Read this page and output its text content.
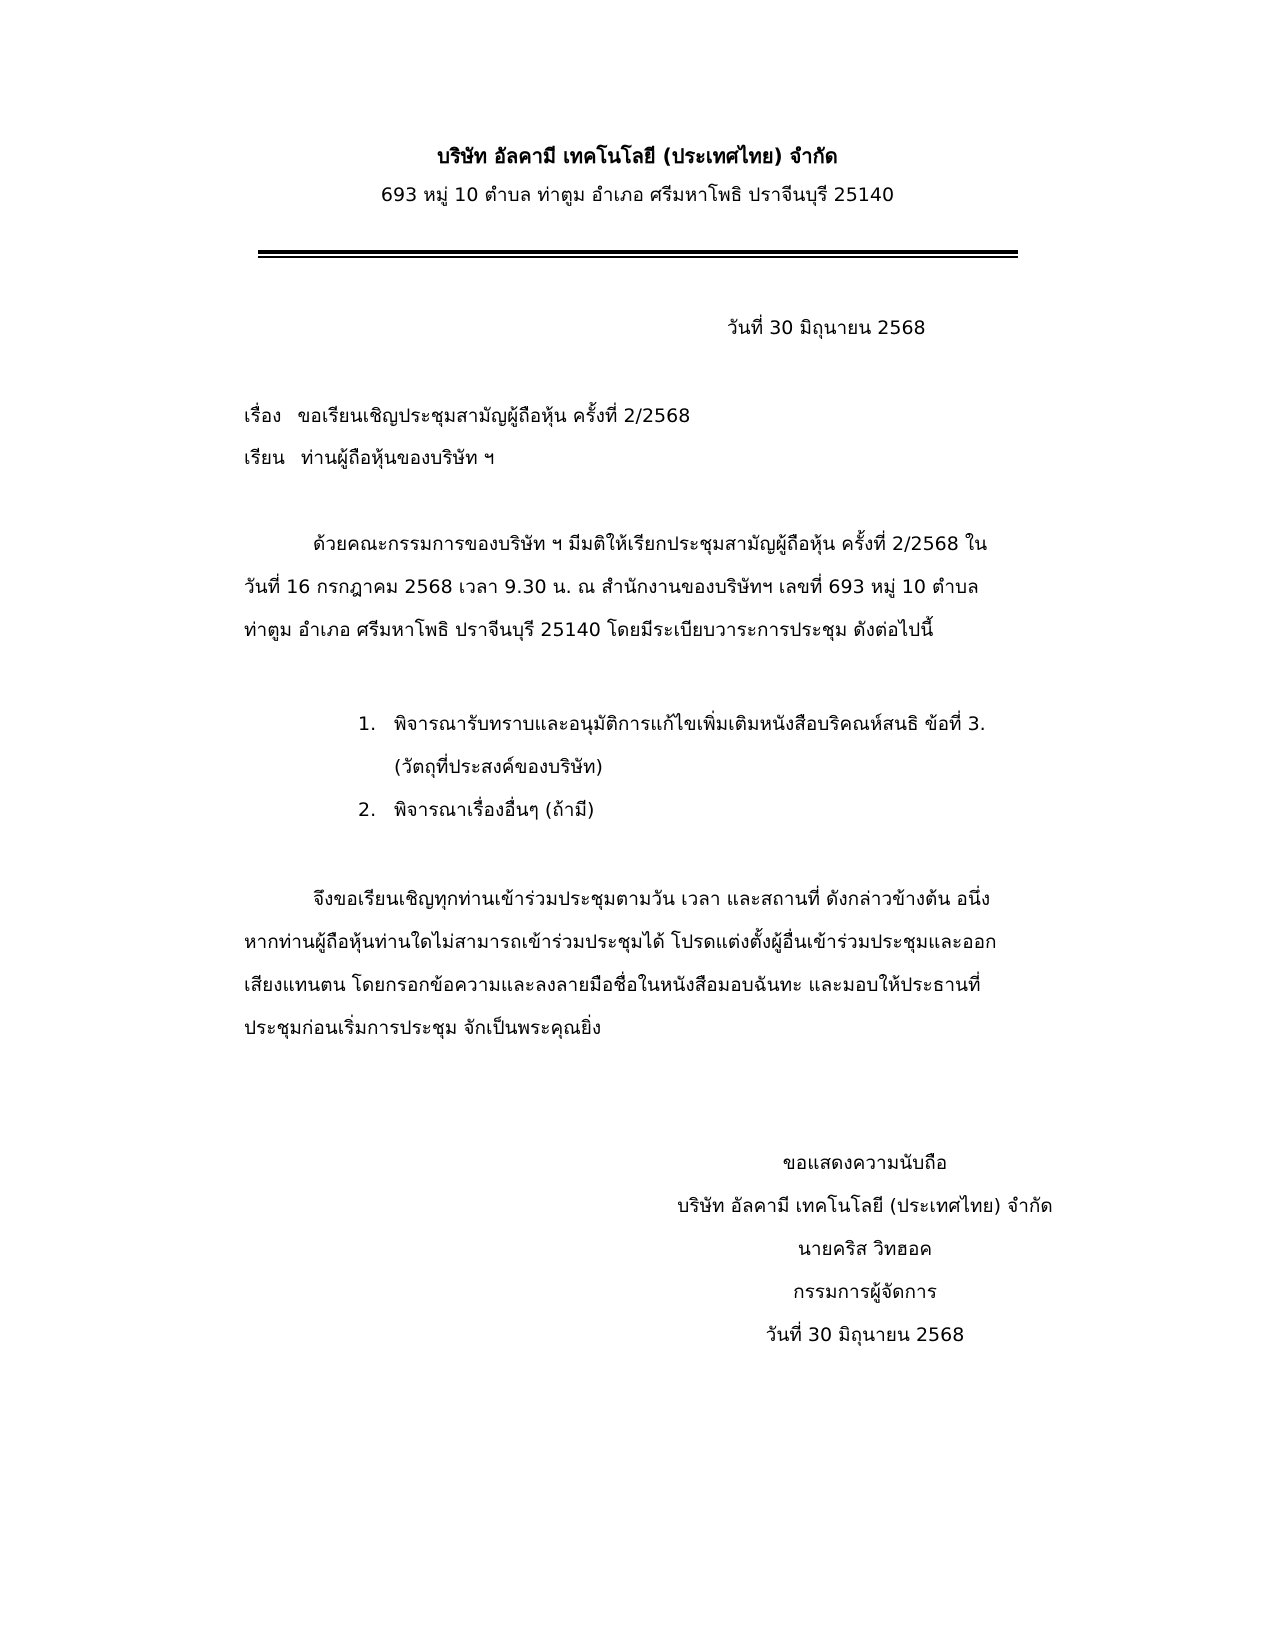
บริษัท อัลคามี เทคโนโลยี (ประเทศไทย) จำกัด
693 หมู่ 10 ตำบล ท่าตูม อำเภอ ศรีมหาโพธิ ปราจีนบุรี 25140
วันที่ 30 มิถุนายน 2568
เรื่อง ขอเรียนเชิญประชุมสามัญผู้ถือหุ้น ครั้งที่ 2/2568
เรียน ท่านผู้ถือหุ้นของบริษัท ฯ
ด้วยคณะกรรมการของบริษัท ฯ มีมติให้เรียกประชุมสามัญผู้ถือหุ้น ครั้งที่ 2/2568 ใน
วันที่ 16 กรกฎาคม 2568 เวลา 9.30 น. ณ สำนักงานของบริษัทฯ เลขที่ 693 หมู่ 10 ตำบล
ท่าตูม อำเภอ ศรีมหาโพธิ ปราจีนบุรี 25140 โดยมีระเบียบวาระการประชุม ดังต่อไปนี้
1. พิจารณารับทราบและอนุมัติการแก้ไขเพิ่มเติมหนังสือบริคณห์สนธิ ข้อที่ 3.
(วัตถุที่ประสงค์ของบริษัท)
2. พิจารณาเรื่องอื่นๆ (ถ้ามี)
จึงขอเรียนเชิญทุกท่านเข้าร่วมประชุมตามวัน เวลา และสถานที่ ดังกล่าวข้างต้น อนึ่ง
หากท่านผู้ถือหุ้นท่านใดไม่สามารถเข้าร่วมประชุมได้ โปรดแต่งตั้งผู้อื่นเข้าร่วมประชุมและออก
เสียงแทนตน โดยกรอกข้อความและลงลายมือชื่อในหนังสือมอบฉันทะ และมอบให้ประธานที่
ประชุมก่อนเริ่มการประชุม จักเป็นพระคุณยิ่ง
ขอแสดงความนับถือ
บริษัท อัลคามี เทคโนโลยี (ประเทศไทย) จำกัด
นายคริส วิทฮอค
กรรมการผู้จัดการ
วันที่ 30 มิถุนายน 2568
